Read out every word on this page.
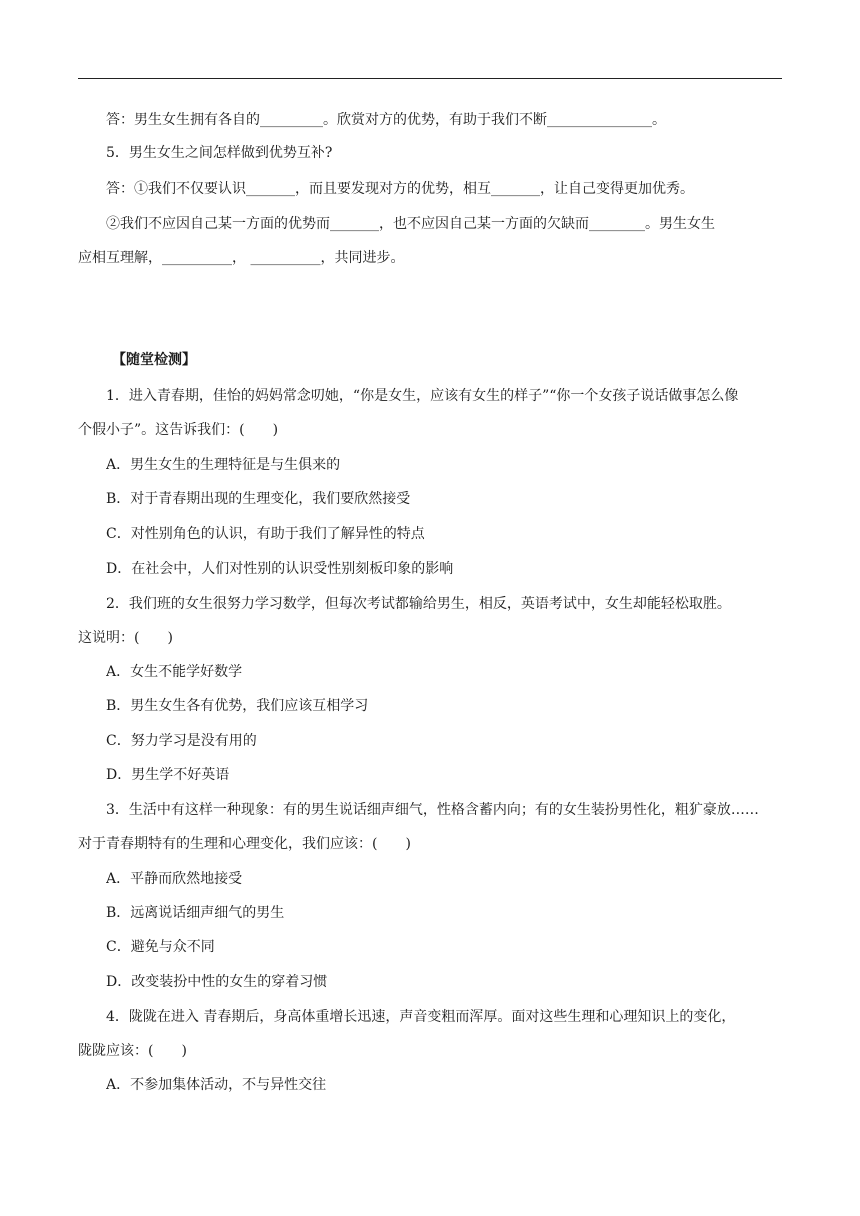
答：男生女生拥有各自的_________。欣赏对方的优势，有助于我们不断_______________。
5．男生女生之间怎样做到优势互补?
答：①我们不仅要认识_______，而且要发现对方的优势，相互_______，让自己变得更加优秀。
②我们不应因自己某一方面的优势而_______，也不应因自己某一方面的欠缺而________。男生女生
应相互理解，__________， __________，共同进步。
【随堂检测】
1．进入青春期，佳怡的妈妈常念叨她，“你是女生，应该有女生的样子”“你一个女孩子说话做事怎么像
个假小子”。这告诉我们：(　　)
A．男生女生的生理特征是与生俱来的
B．对于青春期出现的生理变化，我们要欣然接受
C．对性别角色的认识，有助于我们了解异性的特点
D．在社会中，人们对性别的认识受性别刻板印象的影响
2．我们班的女生很努力学习数学，但每次考试都输给男生，相反，英语考试中，女生却能轻松取胜。
这说明：(　　)
A．女生不能学好数学
B．男生女生各有优势，我们应该互相学习
C．努力学习是没有用的
D．男生学不好英语
3．生活中有这样一种现象：有的男生说话细声细气，性格含蓄内向；有的女生装扮男性化，粗犷豪放……
对于青春期特有的生理和心理变化，我们应该：(　　)
A．平静而欣然地接受
B．远离说话细声细气的男生
C．避免与众不同
D．改变装扮中性的女生的穿着习惯
4．陇陇在进入 青春期后，身高体重增长迅速，声音变粗而浑厚。面对这些生理和心理知识上的变化，
陇陇应该：(　　)
A．不参加集体活动，不与异性交往
